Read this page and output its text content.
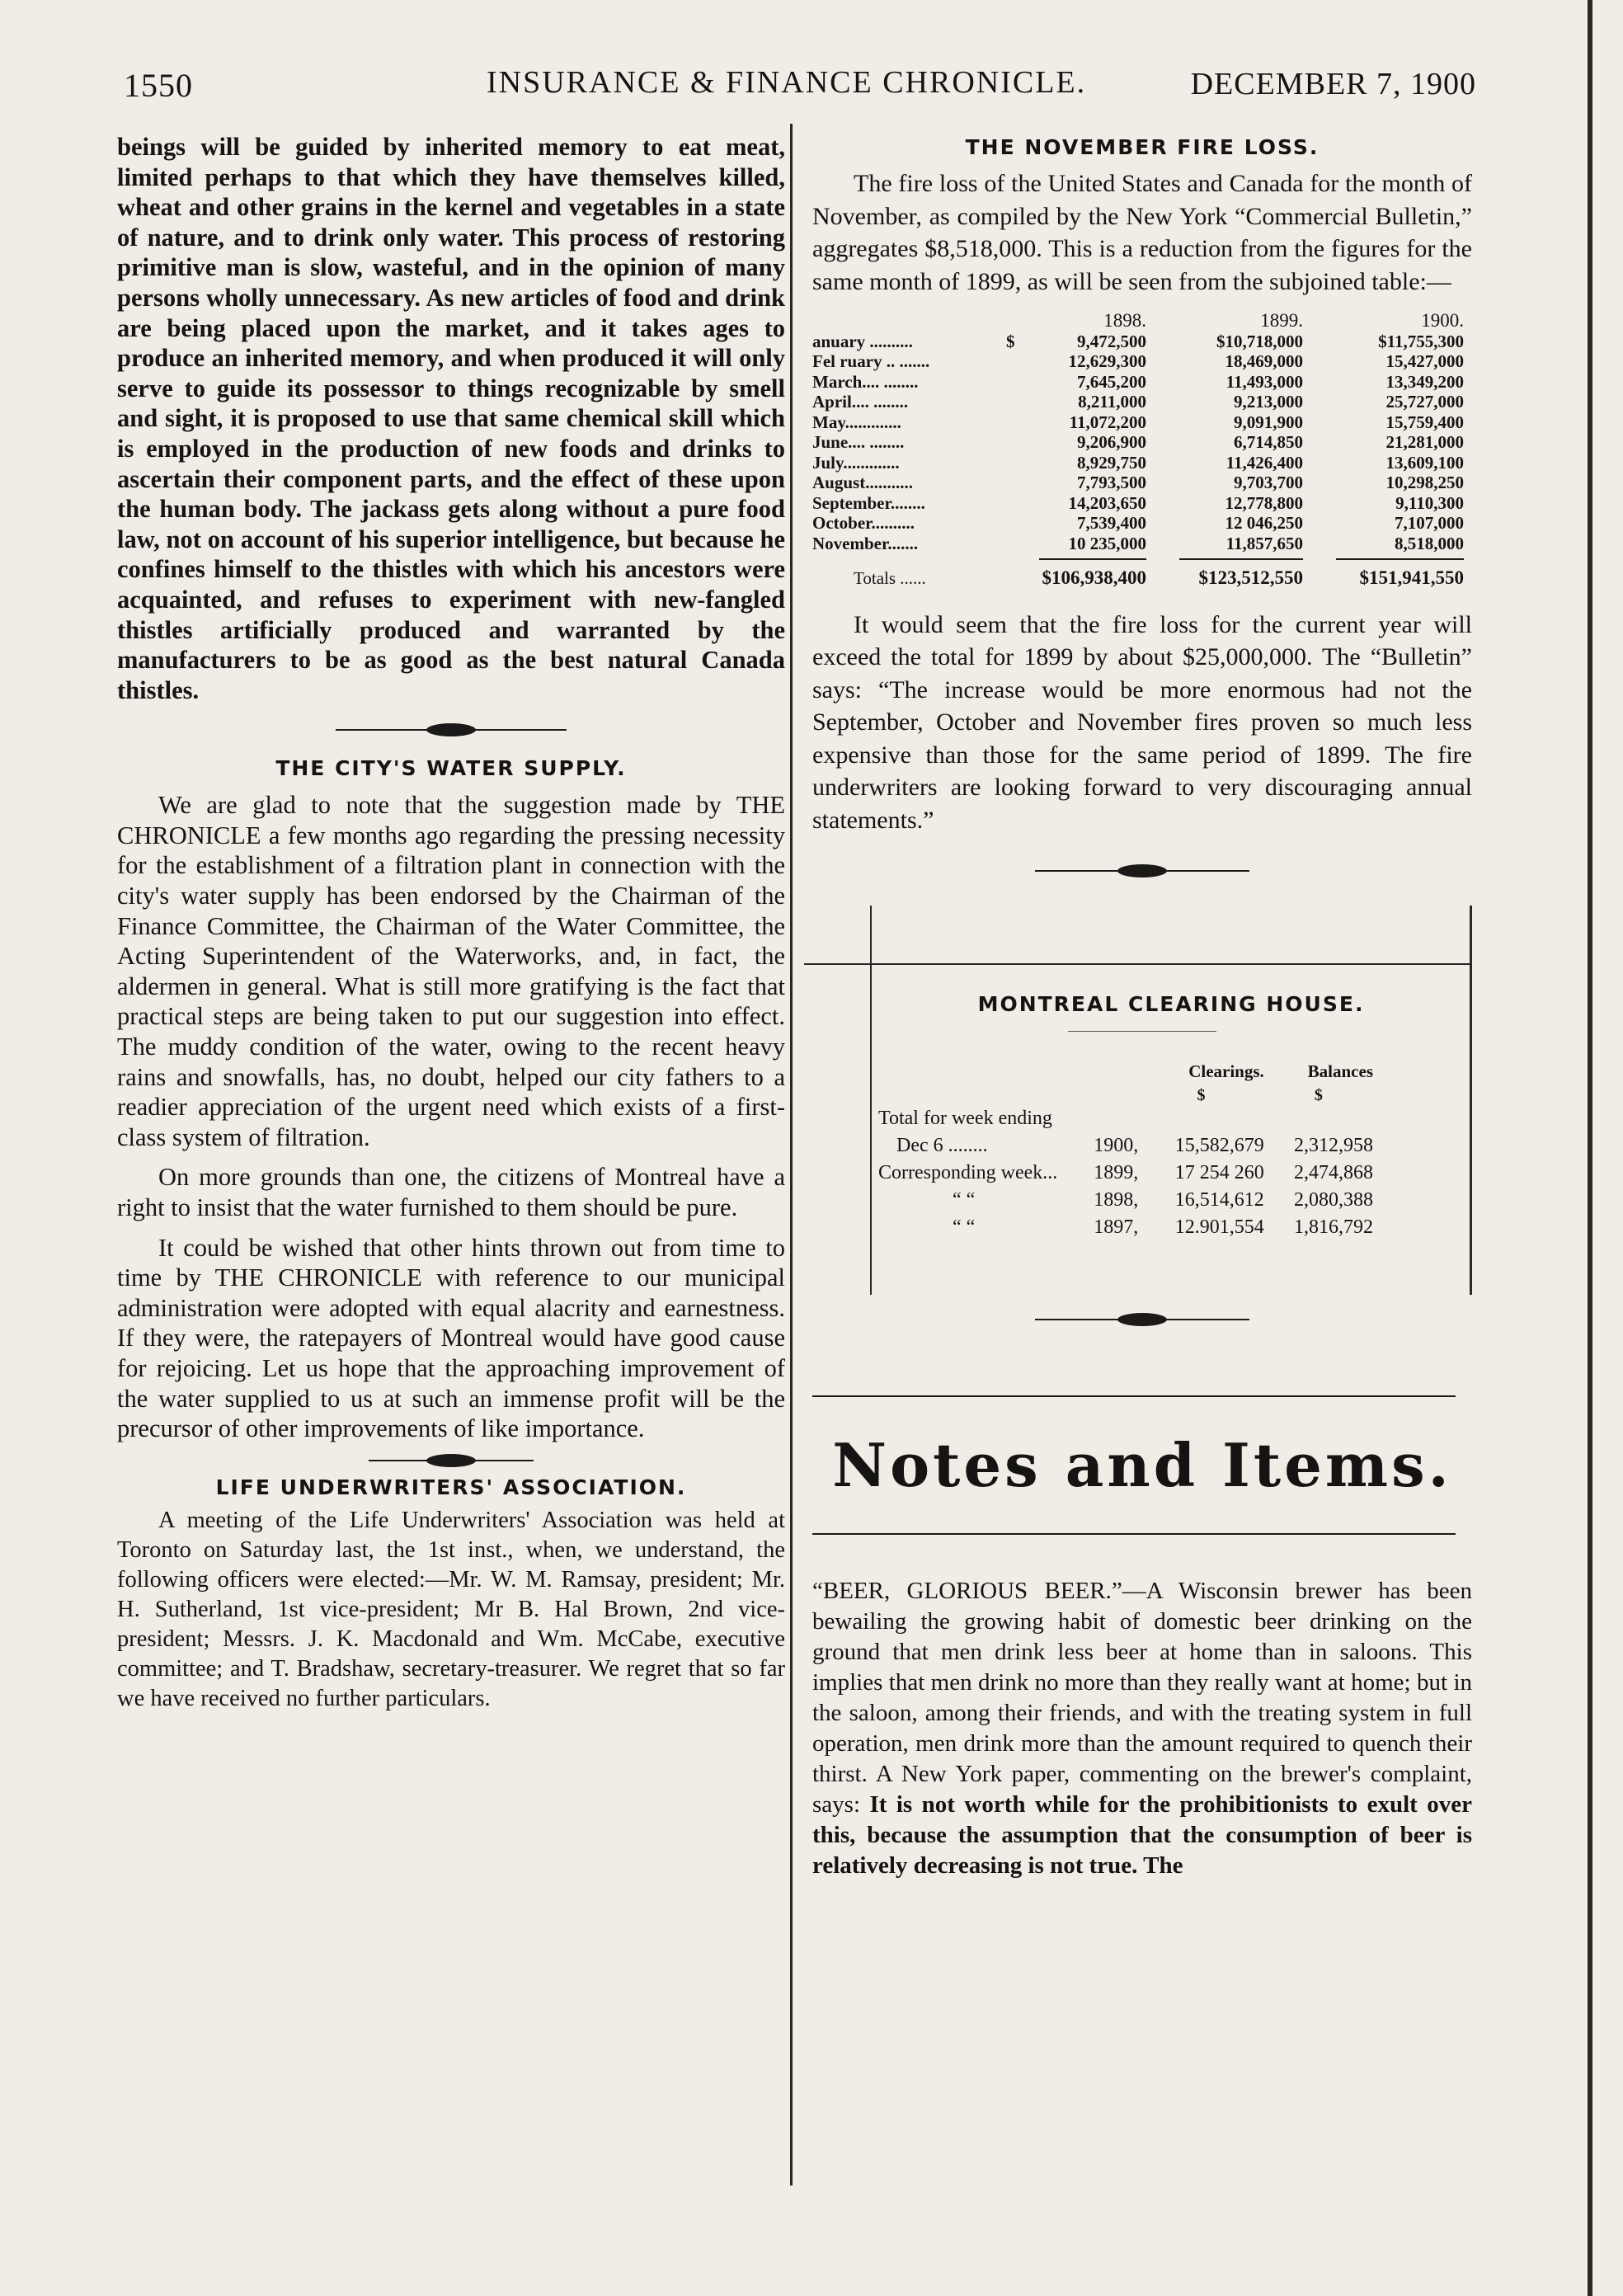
1550	INSURANCE & FINANCE CHRONICLE.	DECEMBER 7, 1900

beings will be guided by inherited memory to eat meat, limited perhaps to that which they have themselves killed, wheat and other grains in the kernel and vegetables in a state of nature, and to drink only water. This process of restoring primitive man is slow, wasteful, and in the opinion of many persons wholly unnecessary. As new articles of food and drink are being placed upon the market, and it takes ages to produce an inherited memory, and when produced it will only serve to guide its possessor to things recognizable by smell and sight, it is proposed to use that same chemical skill which is employed in the production of new foods and drinks to ascertain their component parts, and the effect of these upon the human body. The jackass gets along without a pure food law, not on account of his superior intelligence, but because he confines himself to the thistles with which his ancestors were acquainted, and refuses to experiment with new-fangled thistles artificially produced and warranted by the manufacturers to be as good as the best natural Canada thistles.

THE CITY'S WATER SUPPLY.

We are glad to note that the suggestion made by THE CHRONICLE a few months ago regarding the pressing necessity for the establishment of a filtration plant in connection with the city's water supply has been endorsed by the Chairman of the Finance Committee, the Chairman of the Water Committee, the Acting Superintendent of the Waterworks, and, in fact, the aldermen in general. What is still more gratifying is the fact that practical steps are being taken to put our suggestion into effect. The muddy condition of the water, owing to the recent heavy rains and snowfalls, has, no doubt, helped our city fathers to a readier appreciation of the urgent need which exists of a first-class system of filtration.

On more grounds than one, the citizens of Montreal have a right to insist that the water furnished to them should be pure.

It could be wished that other hints thrown out from time to time by THE CHRONICLE with reference to our municipal administration were adopted with equal alacrity and earnestness. If they were, the ratepayers of Montreal would have good cause for rejoicing. Let us hope that the approaching improvement of the water supplied to us at such an immense profit will be the precursor of other improvements of like importance.

LIFE UNDERWRITERS' ASSOCIATION.

A meeting of the Life Underwriters' Association was held at Toronto on Saturday last, the 1st inst., when, we understand, the following officers were elected:—Mr. W. M. Ramsay, president; Mr. H. Sutherland, 1st vice-president; Mr B. Hal Brown, 2nd vice-president; Messrs. J. K. Macdonald and Wm. McCabe, executive committee; and T. Bradshaw, secretary-treasurer. We regret that so far we have received no further particulars.

THE NOVEMBER FIRE LOSS.

The fire loss of the United States and Canada for the month of November, as compiled by the New York “Commercial Bulletin,” aggregates $8,518,000. This is a reduction from the figures for the same month of 1899, as will be seen from the subjoined table:—

		1898.	1899.	1900.
anuary ..........	$	9,472,500	$10,718,000	$11,755,300
Fel ruary .. .......		12,629,300	18,469,000	15,427,000
March.... ........		7,645,200	11,493,000	13,349,200
April.... ........		8,211,000	9,213,000	25,727,000
May.............		11,072,200	9,091,900	15,759,400
June.... ........		9,206,900	6,714,850	21,281,000
July.............		8,929,750	11,426,400	13,609,100
August...........		7,793,500	9,703,700	10,298,250
September........		14,203,650	12,778,800	9,110,300
October..........		7,539,400	12 046,250	7,107,000
November.......		10 235,000	11,857,650	8,518,000

Totals ......		$106,938,400	$123,512,550	$151,941,550

It would seem that the fire loss for the current year will exceed the total for 1899 by about $25,000,000. The “Bulletin” says: “The increase would be more enormous had not the September, October and November fires proven so much less expensive than those for the same period of 1899. The fire underwriters are looking forward to very discouraging annual statements.”

MONTREAL CLEARING HOUSE.
		Clearings.	Balances
		$	$
Total for week ending			
Dec 6 ........	1900,	15,582,679	2,312,958
Corresponding week...	1899,	17 254 260	2,474,868
“ “	1898,	16,514,612	2,080,388
“ “	1897,	12.901,554	1,816,792
Notes and Items.

“BEER, GLORIOUS BEER.”—A Wisconsin brewer has been bewailing the growing habit of domestic beer drinking on the ground that men drink less beer at home than in saloons. This implies that men drink no more than they really want at home; but in the saloon, among their friends, and with the treating system in full operation, men drink more than the amount required to quench their thirst. A New York paper, commenting on the brewer's complaint, says: It is not worth while for the prohibitionists to exult over this, because the assumption that the consumption of beer is relatively decreasing is not true. The
